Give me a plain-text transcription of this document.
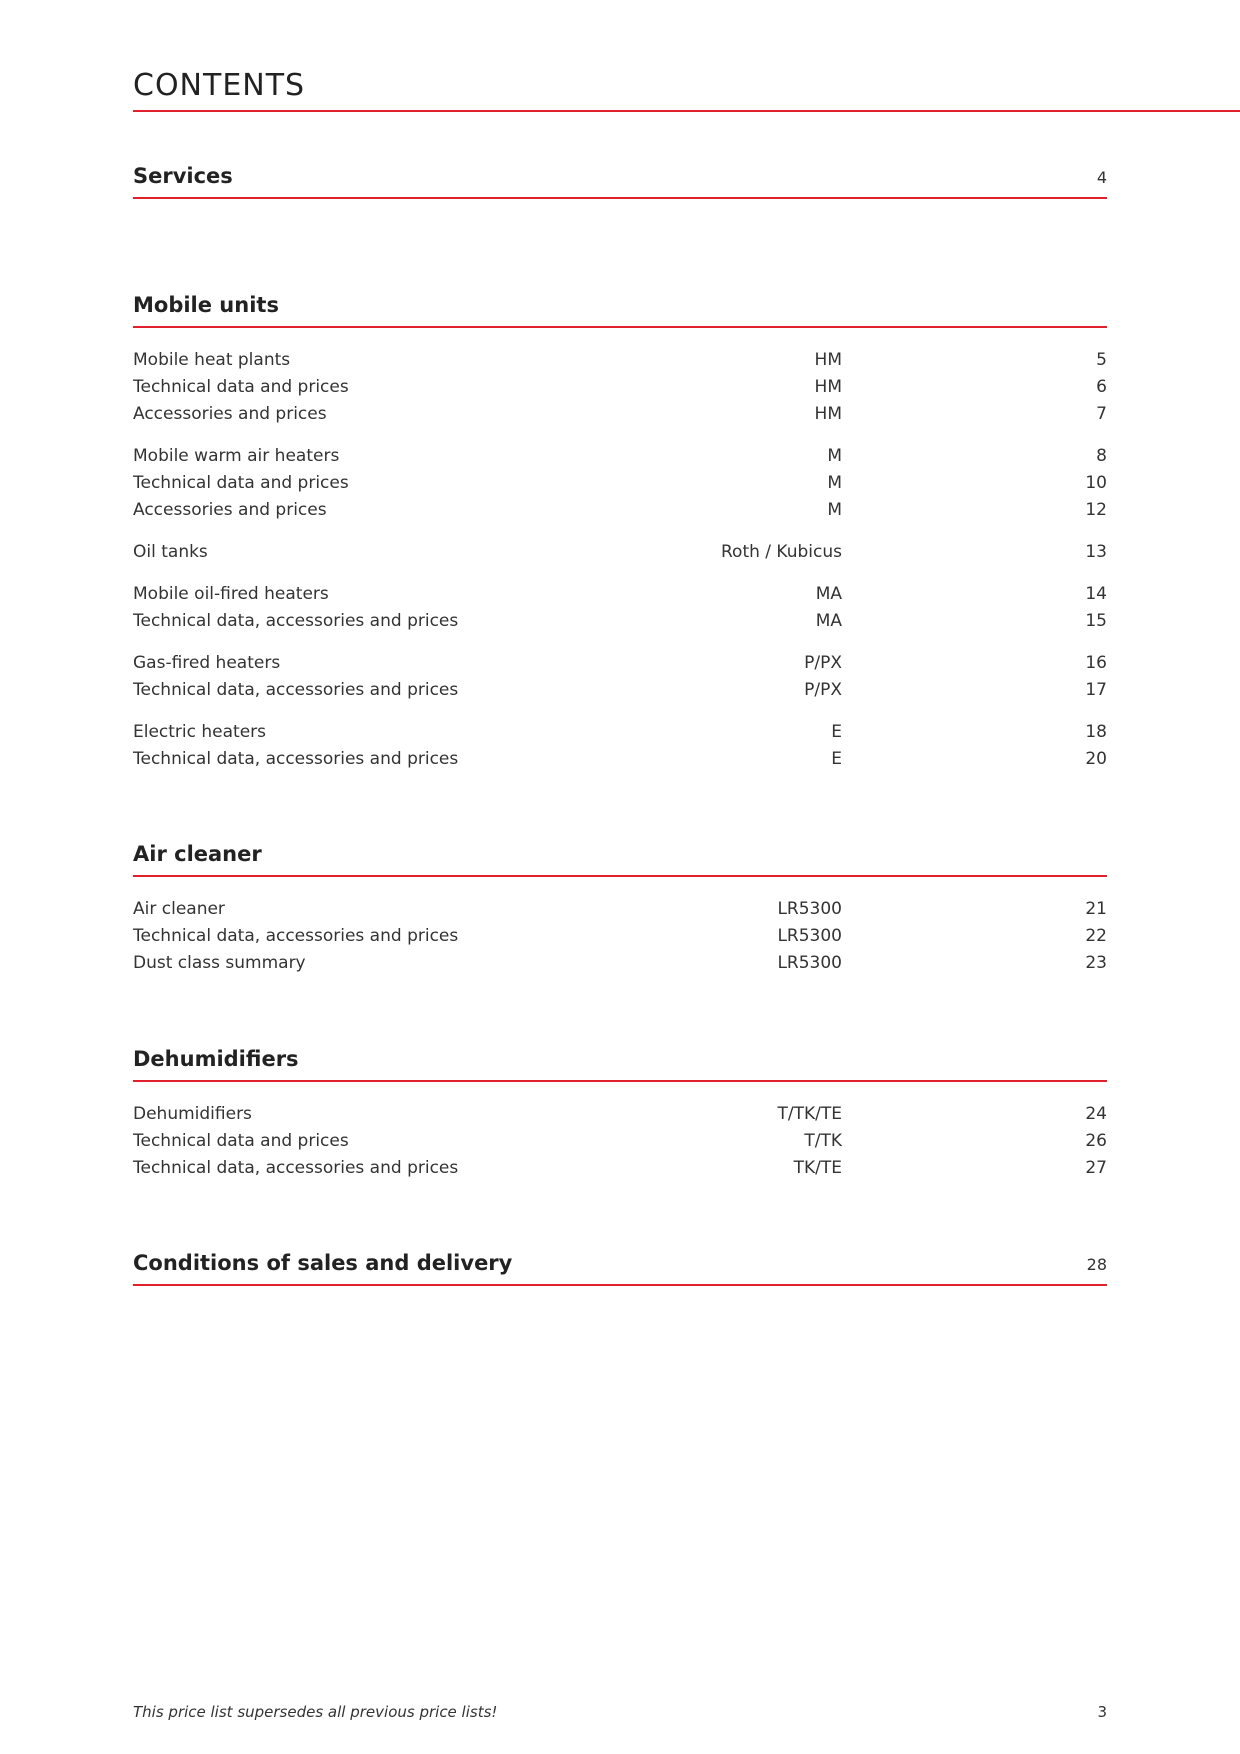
CONTENTS
Services	4
Mobile units
Mobile heat plants	HM	5
Technical data and prices	HM	6
Accessories and prices	HM	7
Mobile warm air heaters	M	8
Technical data and prices	M	10
Accessories and prices	M	12
Oil tanks	Roth / Kubicus	13
Mobile oil-fired heaters	MA	14
Technical data, accessories and prices	MA	15
Gas-fired heaters	P/PX	16
Technical data, accessories and prices	P/PX	17
Electric heaters	E	18
Technical data, accessories and prices	E	20
Air cleaner
Air cleaner	LR5300	21
Technical data, accessories and prices	LR5300	22
Dust class summary	LR5300	23
Dehumidifiers
Dehumidifiers	T/TK/TE	24
Technical data and prices	T/TK	26
Technical data, accessories and prices	TK/TE	27
Conditions of sales and delivery	28
This price list supersedes all previous price lists!	3
